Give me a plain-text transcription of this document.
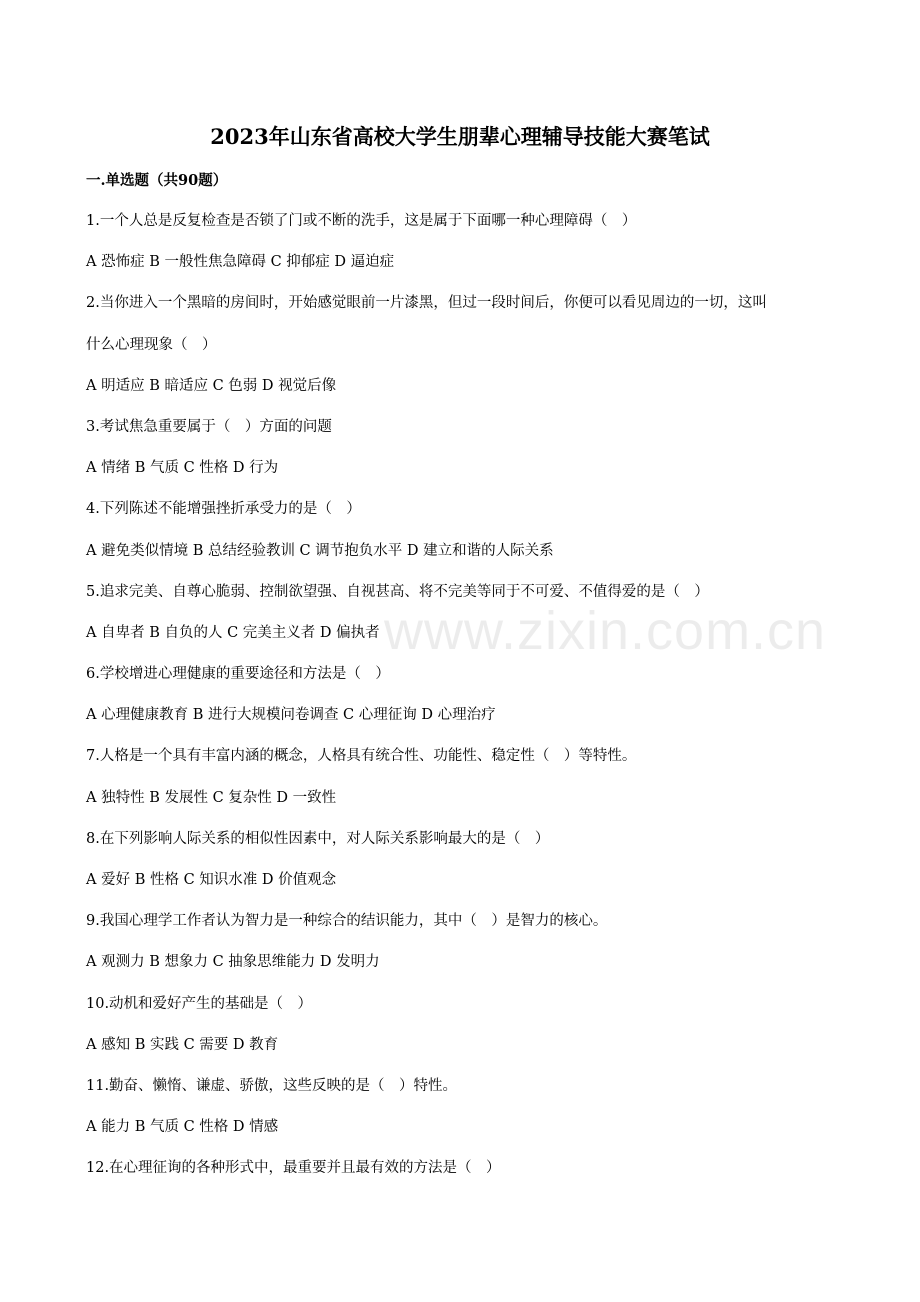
www.zixin.com.cn
2023年山东省高校大学生朋辈心理辅导技能大赛笔试
一.单选题（共90题）
1.一个人总是反复检查是否锁了门或不断的洗手，这是属于下面哪一种心理障碍（　）
A 恐怖症 B 一般性焦急障碍 C 抑郁症 D 逼迫症
2.当你进入一个黑暗的房间时，开始感觉眼前一片漆黑，但过一段时间后，你便可以看见周边的一切，这叫
什么心理现象（　）
A 明适应 B 暗适应 C 色弱 D 视觉后像
3.考试焦急重要属于（　）方面的问题
A 情绪 B 气质 C 性格 D 行为
4.下列陈述不能增强挫折承受力的是（　）
A 避免类似情境 B 总结经验教训 C 调节抱负水平 D 建立和谐的人际关系
5.追求完美、自尊心脆弱、控制欲望强、自视甚高、将不完美等同于不可爱、不值得爱的是（　）
A 自卑者 B 自负的人 C 完美主义者 D 偏执者
6.学校增进心理健康的重要途径和方法是（　）
A 心理健康教育 B 进行大规模问卷调查 C 心理征询 D 心理治疗
7.人格是一个具有丰富内涵的概念，人格具有统合性、功能性、稳定性（　）等特性。
A 独特性 B 发展性 C 复杂性 D 一致性
8.在下列影响人际关系的相似性因素中，对人际关系影响最大的是（　）
A 爱好 B 性格 C 知识水准 D 价值观念
9.我国心理学工作者认为智力是一种综合的结识能力，其中（　）是智力的核心。
A 观测力 B 想象力 C 抽象思维能力 D 发明力
10.动机和爱好产生的基础是（　）
A 感知 B 实践 C 需要 D 教育
11.勤奋、懒惰、谦虚、骄傲，这些反映的是（　）特性。
A 能力 B 气质 C 性格 D 情感
12.在心理征询的各种形式中，最重要并且最有效的方法是（　）
